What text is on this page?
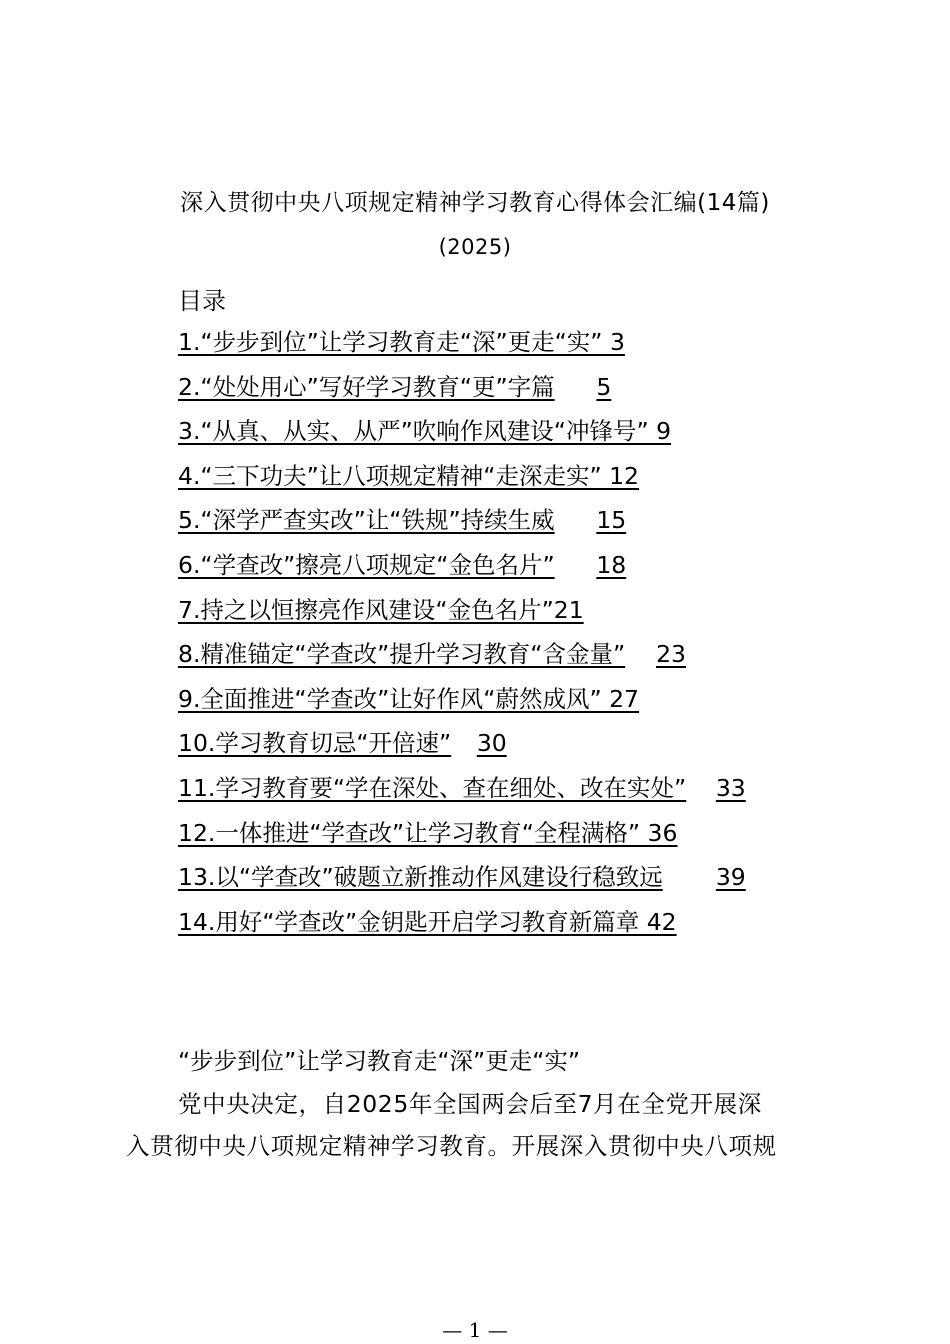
深入贯彻中央八项规定精神学习教育心得体会汇编(14篇)
(2025)
目录
1.“步步到位”让学习教育走“深”更走“实” 3
2.“处处用心”写好学习教育“更”字篇	5
3.“从真、从实、从严”吹响作风建设“冲锋号” 9
4.“三下功夫”让八项规定精神“走深走实” 12
5.“深学严查实改”让“铁规”持续生威	15
6.“学查改”擦亮八项规定“金色名片”	18
7.持之以恒擦亮作风建设“金色名片”21
8.精准锚定“学查改”提升学习教育“含金量”	23
9.全面推进“学查改”让好作风“蔚然成风” 27
10.学习教育切忌“开倍速”	30
11.学习教育要“学在深处、查在细处、改在实处”	33
12.一体推进“学查改”让学习教育“全程满格” 36
13.以“学查改”破题立新推动作风建设行稳致远	39
14.用好“学查改”金钥匙开启学习教育新篇章 42
“步步到位”让学习教育走“深”更走“实”
党中央决定，自2025年全国两会后至7月在全党开展深
入贯彻中央八项规定精神学习教育。开展深入贯彻中央八项规
— 1 —
